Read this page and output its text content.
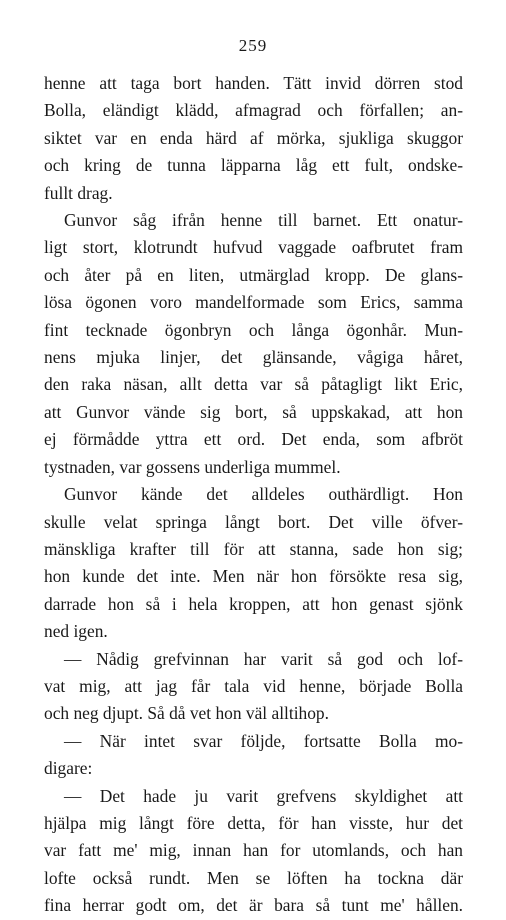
259
henne att taga bort handen. Tätt invid dörren stod
Bolla, eländigt klädd, afmagrad och förfallen; an-
siktet var en enda härd af mörka, sjukliga skuggor
och kring de tunna läpparna låg ett fult, ondske-
fullt drag.
Gunvor såg ifrån henne till barnet. Ett onatur-
ligt stort, klotrundt hufvud vaggade oafbrutet fram
och åter på en liten, utmärglad kropp. De glans-
lösa ögonen voro mandelformade som Erics, samma
fint tecknade ögonbryn och långa ögonhår. Mun-
nens mjuka linjer, det glänsande, vågiga håret,
den raka näsan, allt detta var så påtagligt likt Eric,
att Gunvor vände sig bort, så uppskakad, att hon
ej förmådde yttra ett ord. Det enda, som afbröt
tystnaden, var gossens underliga mummel.
Gunvor kände det alldeles outhärdligt. Hon
skulle velat springa långt bort. Det ville öfver-
mänskliga krafter till för att stanna, sade hon sig;
hon kunde det inte. Men när hon försökte resa sig,
darrade hon så i hela kroppen, att hon genast sjönk
ned igen.
— Nådig grefvinnan har varit så god och lof-
vat mig, att jag får tala vid henne, började Bolla
och neg djupt. Så då vet hon väl alltihop.
— När intet svar följde, fortsatte Bolla mo-
digare:
— Det hade ju varit grefvens skyldighet att
hjälpa mig långt före detta, för han visste, hur det
var fatt me' mig, innan han for utomlands, och han
lofte också rundt. Men se löften ha tockna där
fina herrar godt om, det är bara så tunt me' hållen.
